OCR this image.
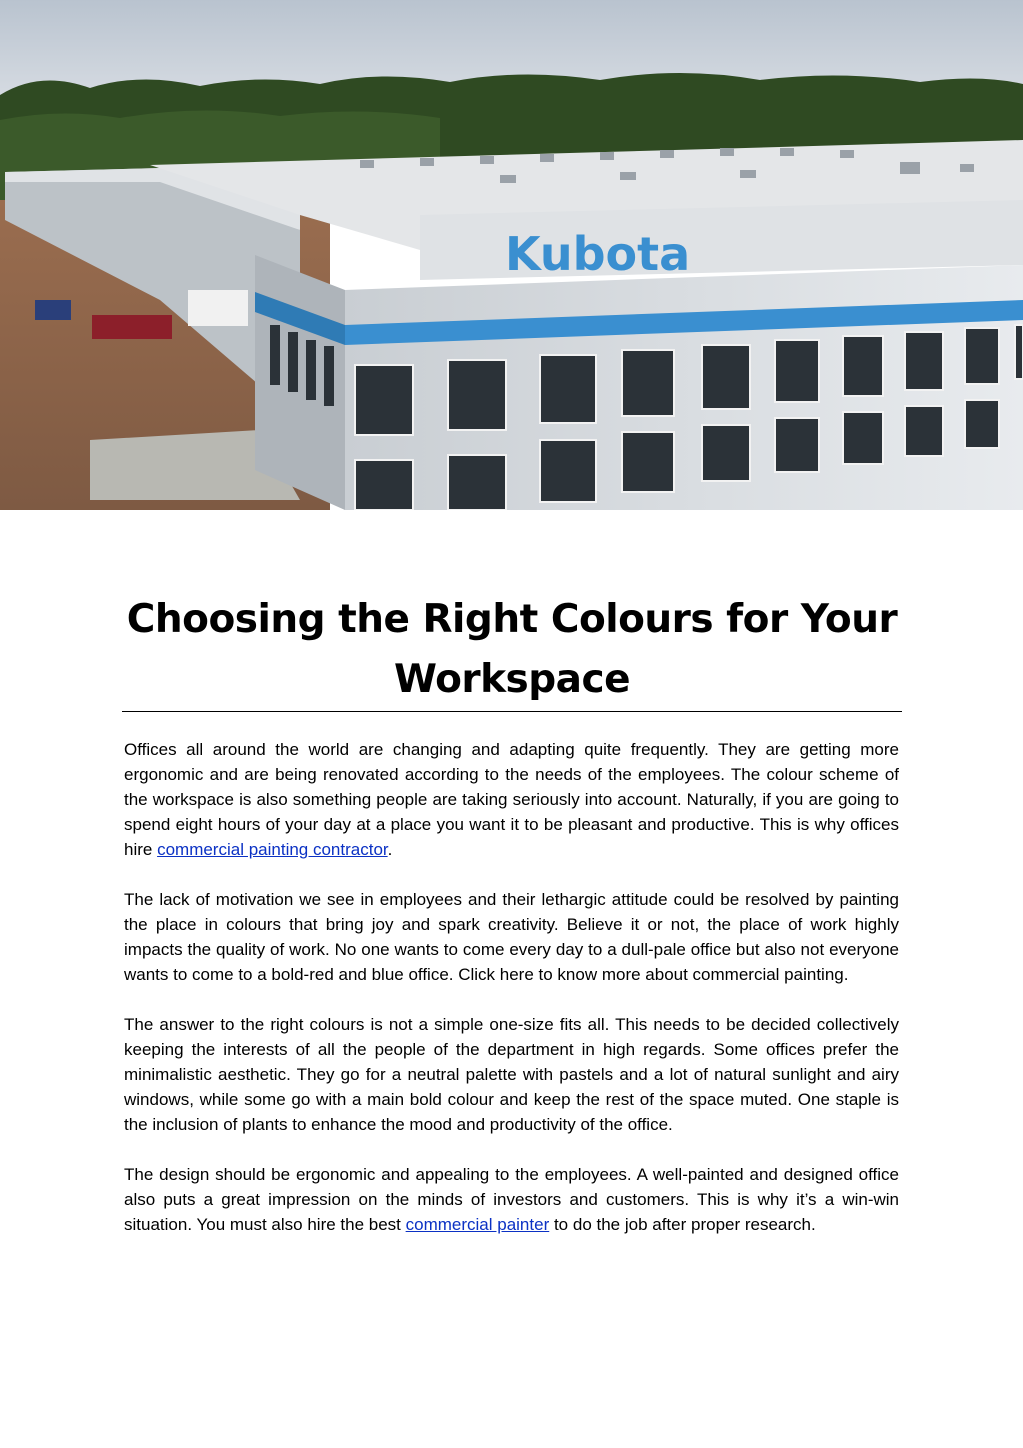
Kubota
Choosing the Right Colours for Your
Workspace

Offices all around the world are changing and adapting quite frequently. They are getting more ergonomic and are being renovated according to the needs of the employees. The colour scheme of the workspace is also something people are taking seriously into account. Naturally, if you are going to spend eight hours of your day at a place you want it to be pleasant and productive. This is why offices hire commercial painting contractor.

The lack of motivation we see in employees and their lethargic attitude could be resolved by painting the place in colours that bring joy and spark creativity. Believe it or not, the place of work highly impacts the quality of work. No one wants to come every day to a dull-pale office but also not everyone wants to come to a bold-red and blue office. Click here to know more about commercial painting.

The answer to the right colours is not a simple one-size fits all. This needs to be decided collectively keeping the interests of all the people of the department in high regards. Some offices prefer the minimalistic aesthetic. They go for a neutral palette with pastels and a lot of natural sunlight and airy windows, while some go with a main bold colour and keep the rest of the space muted. One staple is the inclusion of plants to enhance the mood and productivity of the office.

The design should be ergonomic and appealing to the employees. A well-painted and designed office also puts a great impression on the minds of investors and customers. This is why it’s a win-win situation. You must also hire the best commercial painter to do the job after proper research.
